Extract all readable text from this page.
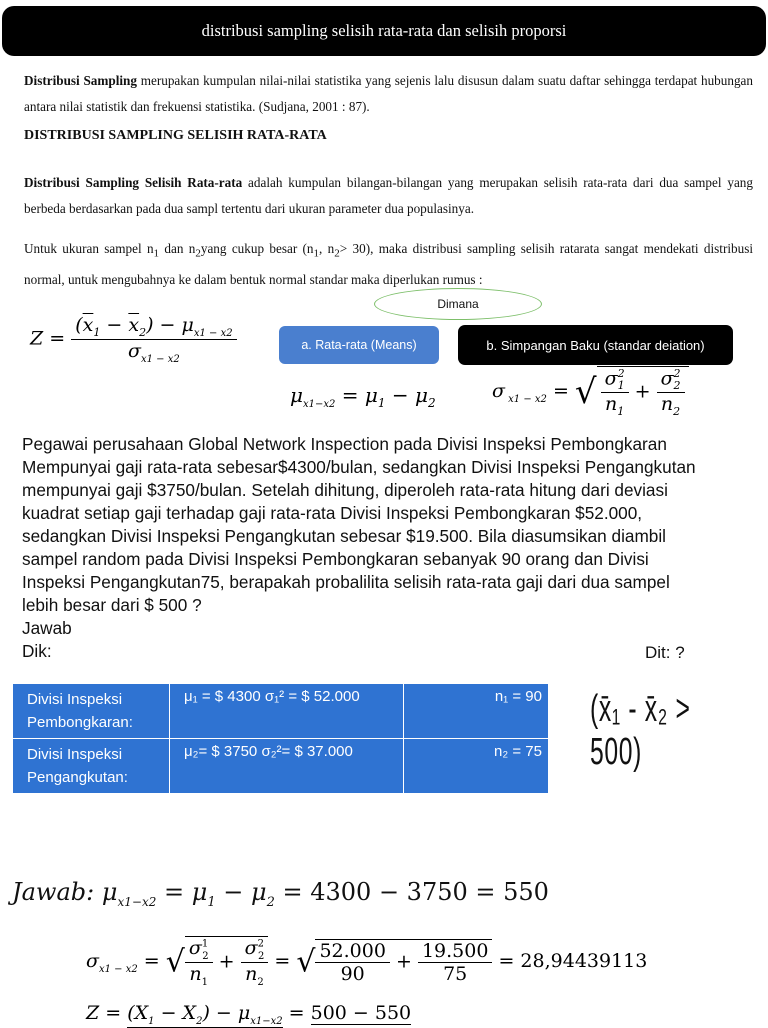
distribusi sampling selisih rata-rata dan selisih proporsi

Distribusi Sampling merupakan kumpulan nilai-nilai statistika yang sejenis lalu disusun dalam suatu daftar sehingga terdapat hubungan antara nilai statistik dan frekuensi statistika. (Sudjana, 2001 : 87).

DISTRIBUSI SAMPLING SELISIH RATA-RATA

Distribusi Sampling Selisih Rata-rata adalah kumpulan bilangan-bilangan yang merupakan selisih rata-rata dari dua sampel yang berbeda berdasarkan pada dua sampl tertentu dari ukuran parameter dua populasinya.

Untuk ukuran sampel $n_1$ dan $n_2yang$ cukup besar ($n_1$, $n_2> 30$), maka distribusi sampling selisih ratarata sangat mendekati distribusi normal, untuk mengubahnya ke dalam bentuk normal standar maka diperlukan rumus :

Dimana
$Z = \frac{(\overline{x}_1 - \overline{x}_2) - \mu_{x1 - x2}}{\sigma_{x1 - x2}}$	a. Rata-rata (Means)	b. Simpangan Baku (standar deiation)
$\mu_{x1-x2} = \mu_1 - \mu_2$
σ $_{x1 - x2}$ = √ $\frac{\sigma^2_1}{n_1} + \frac{\sigma^2_2}{n_2}$

Pegawai perusahaan Global Network Inspection pada Divisi Inspeksi Pembongkaran
Mempunyai gaji rata-rata sebesar$4300/bulan, sedangkan Divisi Inspeksi Pengangkutan
mempunyai gaji $3750/bulan. Setelah dihitung, diperoleh rata-rata hitung dari deviasi
kuadrat setiap gaji terhadap gaji rata-rata Divisi Inspeksi Pembongkaran $52.000,
sedangkan Divisi Inspeksi Pengangkutan sebesar $19.500. Bila diasumsikan diambil
sampel random pada Divisi Inspeksi Pembongkaran sebanyak 90 orang dan Divisi
Inspeksi Pengangkutan75, berapakah probalilita selisih rata-rata gaji dari dua sampel
lebih besar dari $ 500 ?
Jawab
Dik:	Dit: ?
Divisi Inspeksi Pembongkaran:	μ₁ = $ 4300 σ₁² = $ 52.000	n₁ = 90
Divisi Inspeksi Pengangkutan:	μ₂= $ 3750 σ₂²= $ 37.000	n₂ = 75
(x̄₁ - x̄₂ > 500)
Jawab: $\mu_{x1-x2} = \mu_1 - \mu_2 = 4300 - 3750 = 550$
$\sigma_{x1 - x2}$ = √ $\frac{\sigma^1_2}{n_1} + \frac{\sigma^2_2}{n_2}$ = √ $\frac{52.000}{90} + \frac{19.500}{75} = 28,94439113$
$Z = (X_1 - X_2) - \mu_{x1-x2} = 500 - 550$
